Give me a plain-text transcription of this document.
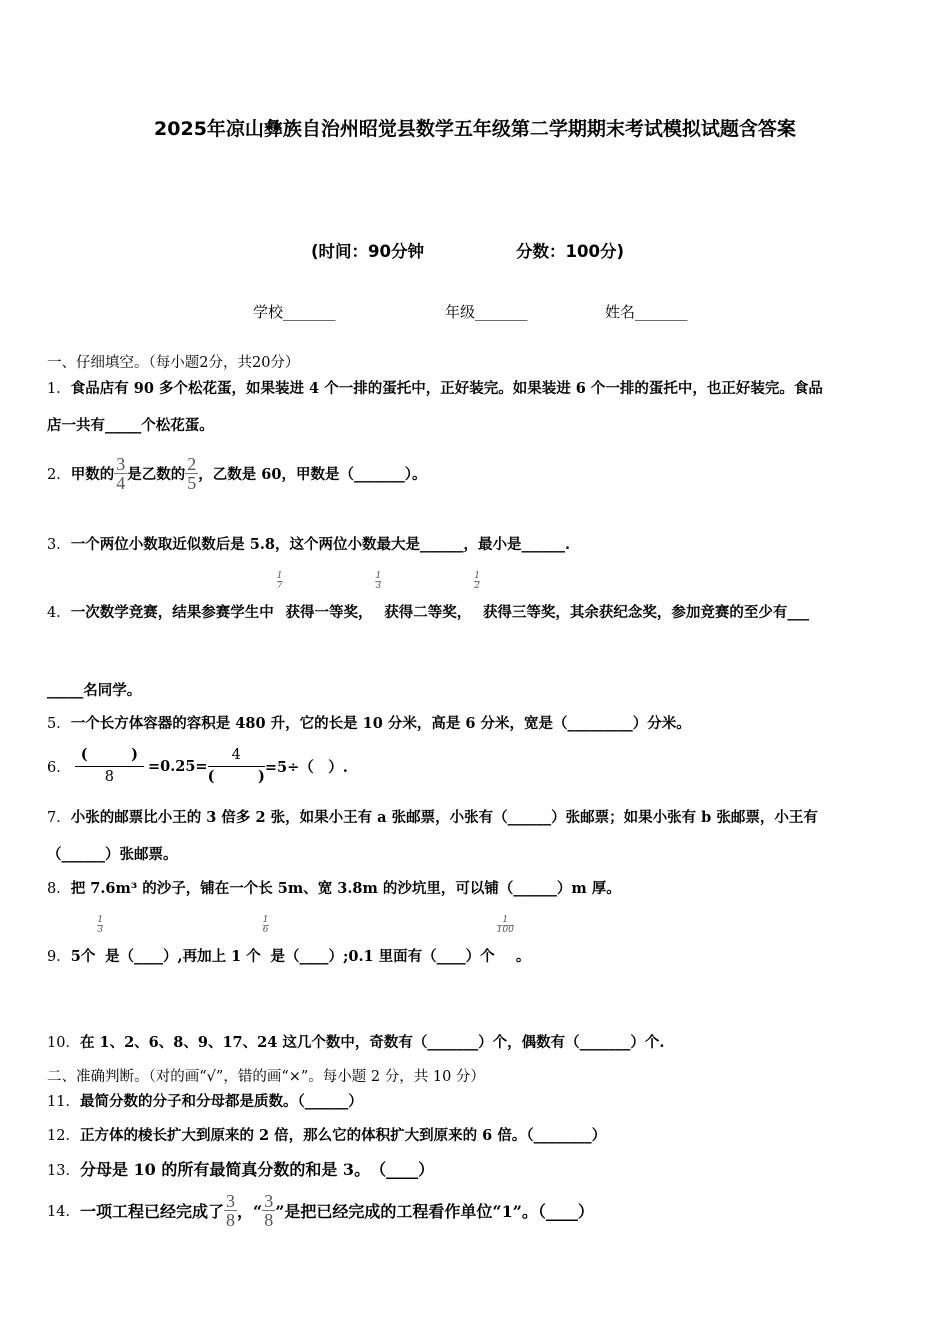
2025年凉山彝族自治州昭觉县数学五年级第二学期期末考试模拟试题含答案
(时间：90分钟	分数：100分)
学校_______	年级_______	姓名_______
一、仔细填空。（每小题2分，共20分）
1．食品店有 90 多个松花蛋，如果装进 4 个一排的蛋托中，正好装完。如果装进 6 个一排的蛋托中，也正好装完。食品
店一共有_____个松花蛋。
2． 甲数的 $\frac{3}{4}$ 是乙数的 $\frac{2}{5}$ ，乙数是 60，甲数是（_______）。
3．一个两位小数取近似数后是 5.8，这个两位小数最大是______，最小是______.
4． 一次数学竞赛，结果参赛学生中
$\frac{1}{7}$
获得一等奖，
$\frac{1}{3}$
获得二等奖，
$\frac{1}{2}$
获得三等奖，其余获纪念奖，参加竞赛的至少有___
_____名同学。
5．一个长方体容器的容积是 480 升，它的长是 10 分米，高是 6 分米，宽是（_________）分米。
6． $\frac{( )}{8} =0.25= \frac{4}{( )} =5\div$（　）.
7．小张的邮票比小王的 3 倍多 2 张，如果小王有 a 张邮票，小张有（______）张邮票；如果小张有 b 张邮票，小王有
（______）张邮票。
8．把 7.6m³ 的沙子，铺在一个长 5m、宽 3.8m 的沙坑里，可以铺（______）m 厚。
9． 5个
$\frac{1}{3}$
是（____）,再加上 1 个
$\frac{1}{6}$
是（____）;0.1 里面有（____）个
$\frac{1}{100}$
。
10．在 1、2、6、8、9、17、24 这几个数中，奇数有（_______）个，偶数有（_______）个.
二、准确判断。（对的画“√”，错的画“×”。每小题 2 分，共 10 分）
11．最简分数的分子和分母都是质数。（______）
12．正方体的棱长扩大到原来的 2 倍，那么它的体积扩大到原来的 6 倍。（________）
13．分母是 10 的所有最简真分数的和是 3。　（____）
14． 一项工程已经完成了 $\frac{3}{8}$ ，“ $\frac{3}{8}$ ”是把已经完成的工程看作单位“1”。（____）
